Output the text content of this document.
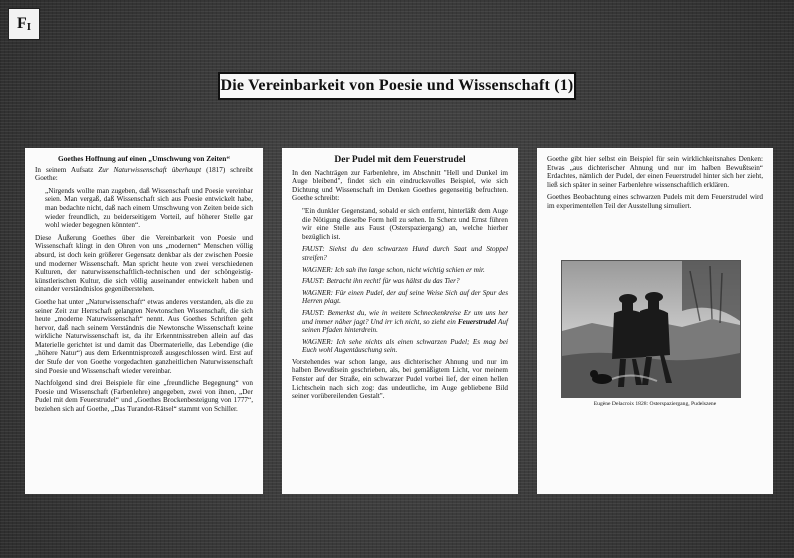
F I
Die Vereinbarkeit von Poesie und Wissenschaft (1)

Goethes Hoffnung auf einen „Umschwung von Zeiten“

In seinem Aufsatz Zur Naturwissenschaft überhaupt (1817) schreibt Goethe:

„Nirgends wollte man zugeben, daß Wissenschaft und Poesie vereinbar seien. Man vergaß, daß Wissenschaft sich aus Poesie entwickelt habe, man bedachte nicht, daß nach einem Umschwung von Zeiten beide sich wieder freundlich, zu beiderseitigem Vorteil, auf höherer Stelle gar wohl wieder begegnen könnten“.

Diese Äußerung Goethes über die Vereinbarkeit von Poesie und Wissenschaft klingt in den Ohren von uns „modernen“ Menschen völlig absurd, ist doch kein größerer Gegensatz denkbar als der zwischen Poesie und moderner Wissenschaft. Man spricht heute von zwei verschiedenen Kulturen, der naturwissenschaftlich-technischen und der schöngeistig-künstlerischen Kultur, die sich völlig auseinander entwickelt haben und einander verständnislos gegenüberstehen.

Goethe hat unter „Naturwissenschaft“ etwas anderes verstanden, als die zu seiner Zeit zur Herrschaft gelangten Newtonschen Wissenschaft, die sich heute „moderne Naturwissenschaft“ nennt. Aus Goethes Schriften geht hervor, daß nach seinem Verständnis die Newtonsche Wissenschaft keine wirkliche Naturwissenschaft ist, da ihr Erkenntnisstreben allein auf das Materielle gerichtet ist und damit das Übermaterielle, das Lebendige (die „höhere Natur“) aus dem Erkenntnisprozeß ausgeschlossen wird. Erst auf der Stufe der von Goethe vorgedachten ganzheitlichen Naturwissenschaft sind Poesie und Wissenschaft wieder vereinbar.

Nachfolgend sind drei Beispiele für eine „freundliche Begegnung“ von Poesie und Wissenschaft (Farbenlehre) angegeben, zwei von ihnen, „Der Pudel mit dem Feuerstrudel“ und „Goethes Brockenbesteigung von 1777“, beziehen sich auf Goethe, „Das Turandot-Rätsel“ stammt von Schiller.

Der Pudel mit dem Feuerstrudel

In den Nachträgen zur Farbenlehre, im Abschnitt "Hell und Dunkel im Auge bleibend", findet sich ein eindrucksvolles Beispiel, wie sich Dichtung und Wissenschaft im Denken Goethes gegenseitig befruchten. Goethe schreibt:

"Ein dunkler Gegenstand, sobald er sich entfernt, hinterläßt dem Auge die Nötigung dieselbe Form hell zu sehen. In Scherz und Ernst führen wir eine Stelle aus Faust (Osterspaziergang) an, welche hierher bezüglich ist.

FAUST: Siehst du den schwarzen Hund durch Saat und Stoppel streifen?

WAGNER: Ich sah ihn lange schon, nicht wichtig schien er mir.

FAUST: Betracht ihn recht! für was hältst du das Tier?

WAGNER: Für einen Pudel, der auf seine Weise Sich auf der Spur des Herren plagt.

FAUST: Bemerkst du, wie in weitem Schneckenkreise Er um uns her und immer näher jagt? Und irr ich nicht, so zieht ein Feuerstrudel Auf seinen Pfaden hinterdrein.

WAGNER: Ich sehe nichts als einen schwarzen Pudel; Es mag bei Euch wohl Augentäuschung sein.

Vorstehendes war schon lange, aus dichterischer Ahnung und nur im halben Bewußtsein geschrieben, als, bei gemäßigtem Licht, vor meinem Fenster auf der Straße, ein schwarzer Pudel vorbei lief, der einen hellen Lichtschein nach sich zog: das undeutliche, im Auge gebliebene Bild seiner vorübereilenden Gestalt".

Goethe gibt hier selbst ein Beispiel für sein wirklichkeitsnahes Denken: Etwas „aus dichterischer Ahnung und nur im halben Bewußtsein“ Erdachtes, nämlich der Pudel, der einen Feuerstrudel hinter sich her zieht, ließ sich später in seiner Farbenlehre wissenschaftlich erklären.

Goethes Beobachtung eines schwarzen Pudels mit dem Feuerstrudel wird im experimentellen Teil der Ausstellung simuliert.

Eugène Delacroix 1828: Osterspaziergang, Pudelszene
